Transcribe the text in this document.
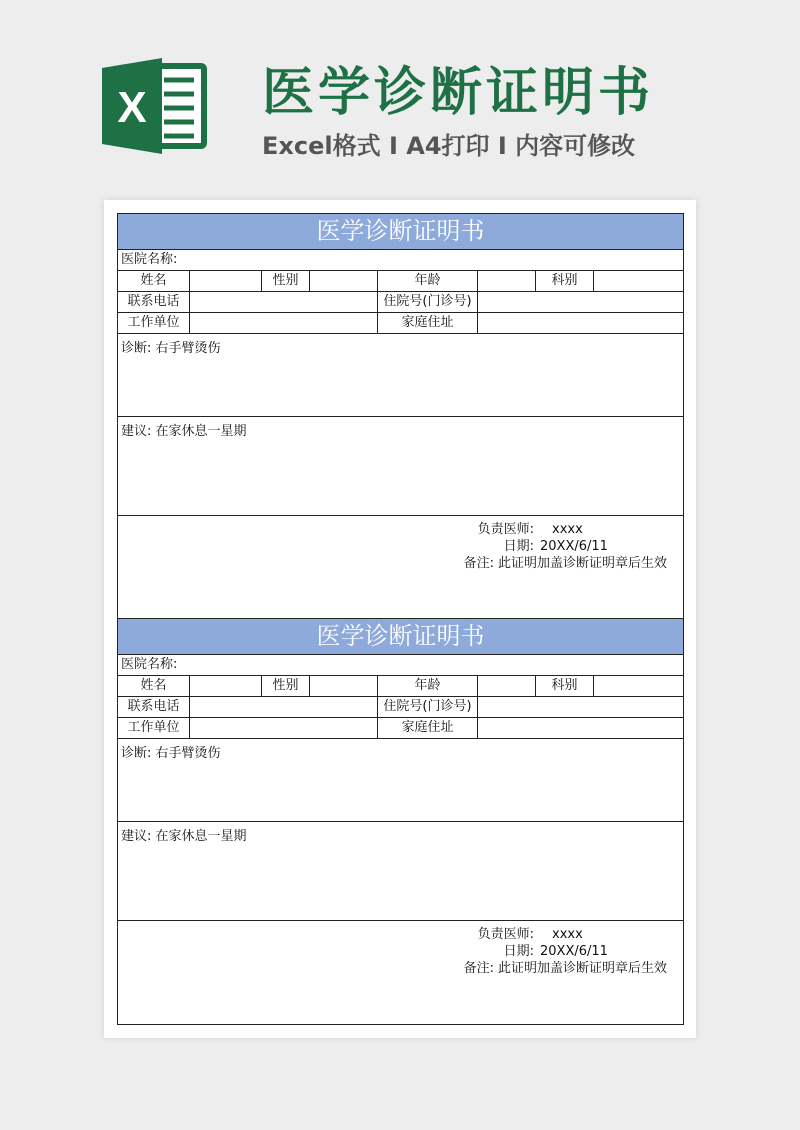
X 医学诊断证明书
Excel格式 I A4打印 I 内容可修改
医学诊断证明书
医院名称:
姓名	性别	年龄	科别
联系电话	住院号(门诊号)
工作单位	家庭住址
诊断: 右手臂烫伤
建议: 在家休息一星期
负责医师: xxxx
日期: 20XX/6/11
备注: 此证明加盖诊断证明章后生效
医学诊断证明书
医院名称:
姓名	性别	年龄	科别
联系电话	住院号(门诊号)
工作单位	家庭住址
诊断: 右手臂烫伤
建议: 在家休息一星期
负责医师: xxxx
日期: 20XX/6/11
备注: 此证明加盖诊断证明章后生效
